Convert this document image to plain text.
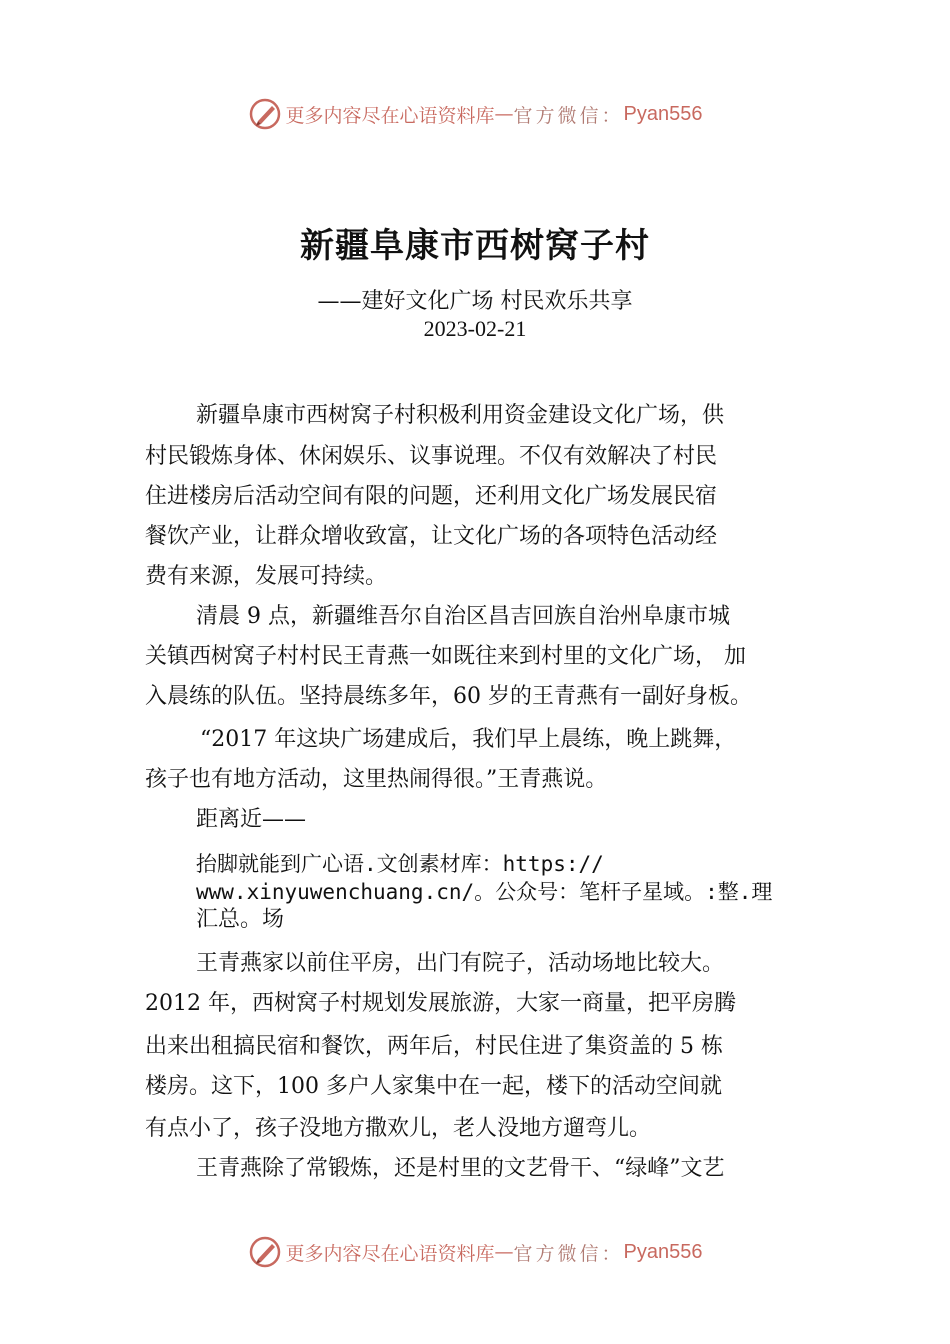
更多内容尽在心语资料库 — 官方微信： Pyan556
新疆阜康市西树窝子村
——建好文化广场 村民欢乐共享
2023-02-21
新疆阜康市西树窝子村积极利用资金建设文化广场，供
村民锻炼身体、休闲娱乐、议事说理。不仅有效解决了村民
住进楼房后活动空间有限的问题，还利用文化广场发展民宿
餐饮产业，让群众增收致富，让文化广场的各项特色活动经
费有来源，发展可持续。
清晨 9 点，新疆维吾尔自治区昌吉回族自治州阜康市城
关镇西树窝子村村民王青燕一如既往来到村里的文化广场， 加
入晨练的队伍。坚持晨练多年，60 岁的王青燕有一副好身板。
“2017 年这块广场建成后，我们早上晨练，晚上跳舞，
孩子也有地方活动，这里热闹得很。”王青燕说。
距离近——
抬脚就能到广心语.文创素材库：https://
www.xinyuwenchuang.cn/。公众号：笔杆子星域。:整.理
汇总。场
王青燕家以前住平房，出门有院子，活动场地比较大。
2012 年，西树窝子村规划发展旅游，大家一商量，把平房腾
出来出租搞民宿和餐饮，两年后，村民住进了集资盖的 5 栋
楼房。这下，100 多户人家集中在一起，楼下的活动空间就
有点小了，孩子没地方撒欢儿，老人没地方遛弯儿。
王青燕除了常锻炼，还是村里的文艺骨干、“绿峰”文艺
更多内容尽在心语资料库 — 官方微信： Pyan556
